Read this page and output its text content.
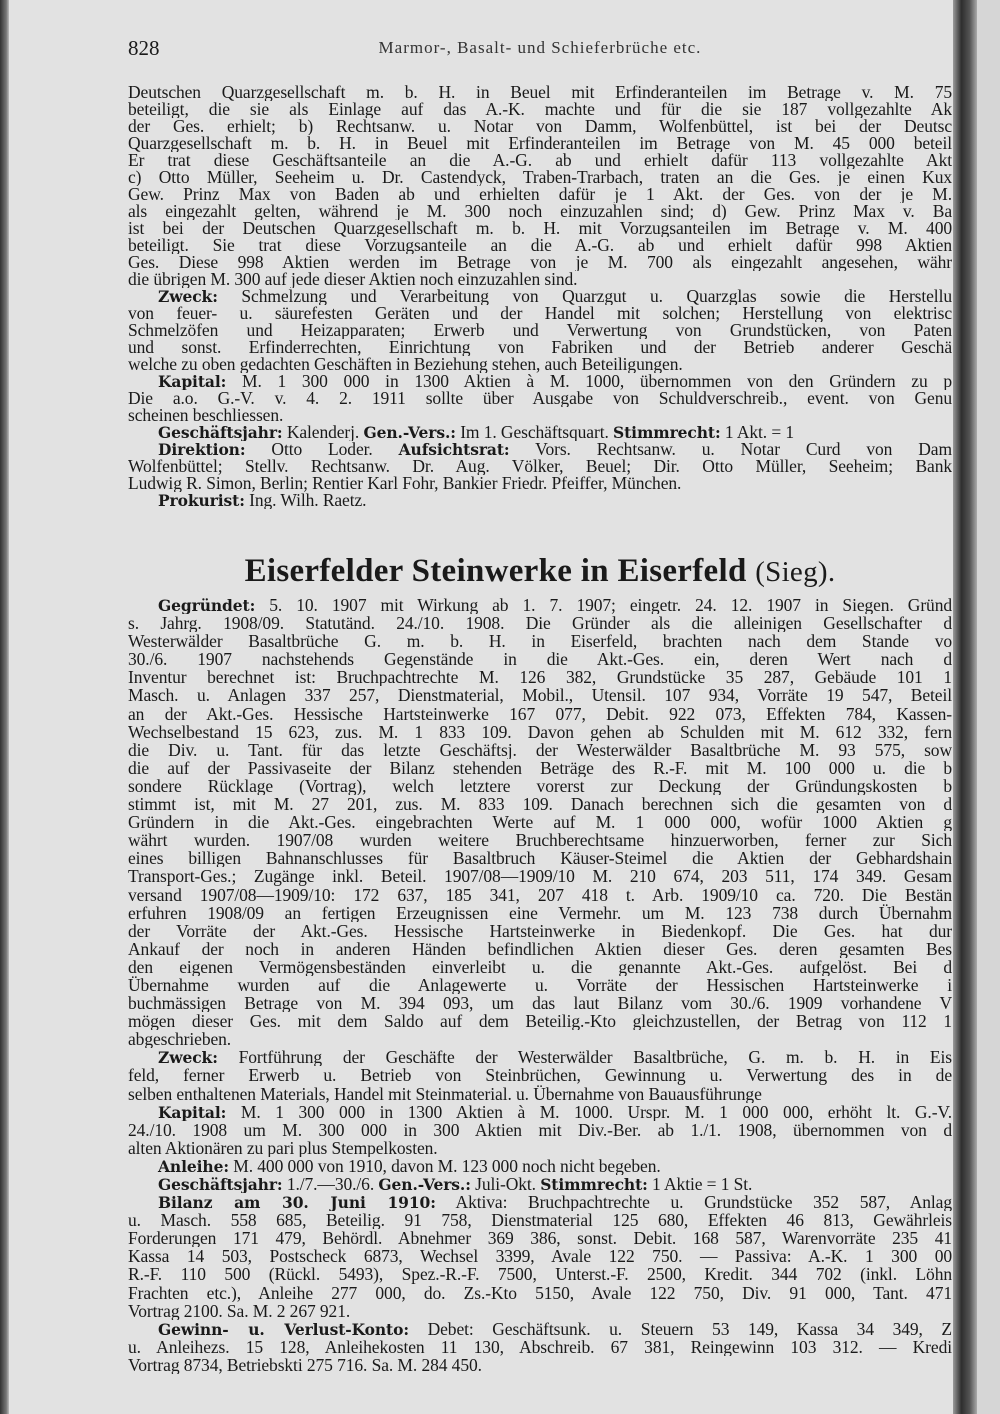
828	Marmor-, Basalt- und Schieferbrüche etc.
Deutschen Quarzgesellschaft m. b. H. in Beuel mit Erfinderanteilen im Betrage v. M. 75
beteiligt, die sie als Einlage auf das A.-K. machte und für die sie 187 vollgezahlte Ak
der Ges. erhielt; b) Rechtsanw. u. Notar von Damm, Wolfenbüttel, ist bei der Deutsc
Quarzgesellschaft m. b. H. in Beuel mit Erfinderanteilen im Betrage von M. 45 000 beteil
Er trat diese Geschäftsanteile an die A.-G. ab und erhielt dafür 113 vollgezahlte Akt
c) Otto Müller, Seeheim u. Dr. Castendyck, Traben-Trarbach, traten an die Ges. je einen Kux
Gew. Prinz Max von Baden ab und erhielten dafür je 1 Akt. der Ges. von der je M.
als eingezahlt gelten, während je M. 300 noch einzuzahlen sind; d) Gew. Prinz Max v. Ba
ist bei der Deutschen Quarzgesellschaft m. b. H. mit Vorzugsanteilen im Betrage v. M. 400
beteiligt. Sie trat diese Vorzugsanteile an die A.-G. ab und erhielt dafür 998 Aktien
Ges. Diese 998 Aktien werden im Betrage von je M. 700 als eingezahlt angesehen, währ
die übrigen M. 300 auf jede dieser Aktien noch einzuzahlen sind.
Zweck: Schmelzung und Verarbeitung von Quarzgut u. Quarzglas sowie die Herstellu
von feuer- u. säurefesten Geräten und der Handel mit solchen; Herstellung von elektrisc
Schmelzöfen und Heizapparaten; Erwerb und Verwertung von Grundstücken, von Paten
und sonst. Erfinderrechten, Einrichtung von Fabriken und der Betrieb anderer Geschä
welche zu oben gedachten Geschäften in Beziehung stehen, auch Beteiligungen.
Kapital: M. 1 300 000 in 1300 Aktien à M. 1000, übernommen von den Gründern zu p
Die a.o. G.-V. v. 4. 2. 1911 sollte über Ausgabe von Schuldverschreib., event. von Genu
scheinen beschliessen.
Geschäftsjahr: Kalenderj. Gen.-Vers.: Im 1. Geschäftsquart. Stimmrecht: 1 Akt. = 1
Direktion: Otto Loder. Aufsichtsrat: Vors. Rechtsanw. u. Notar Curd von Dam
Wolfenbüttel; Stellv. Rechtsanw. Dr. Aug. Völker, Beuel; Dir. Otto Müller, Seeheim; Bank
Ludwig R. Simon, Berlin; Rentier Karl Fohr, Bankier Friedr. Pfeiffer, München.
Prokurist: Ing. Wilh. Raetz.
Eiserfelder Steinwerke in Eiserfeld (Sieg).
Gegründet: 5. 10. 1907 mit Wirkung ab 1. 7. 1907; eingetr. 24. 12. 1907 in Siegen. Gründ
s. Jahrg. 1908/09. Statutänd. 24./10. 1908. Die Gründer als die alleinigen Gesellschafter d
Westerwälder Basaltbrüche G. m. b. H. in Eiserfeld, brachten nach dem Stande vo
30./6. 1907 nachstehends Gegenstände in die Akt.-Ges. ein, deren Wert nach d
Inventur berechnet ist: Bruchpachtrechte M. 126 382, Grundstücke 35 287, Gebäude 101 1
Masch. u. Anlagen 337 257, Dienstmaterial, Mobil., Utensil. 107 934, Vorräte 19 547, Beteil
an der Akt.-Ges. Hessische Hartsteinwerke 167 077, Debit. 922 073, Effekten 784, Kassen-
Wechselbestand 15 623, zus. M. 1 833 109. Davon gehen ab Schulden mit M. 612 332, fern
die Div. u. Tant. für das letzte Geschäftsj. der Westerwälder Basaltbrüche M. 93 575, sow
die auf der Passivaseite der Bilanz stehenden Beträge des R.-F. mit M. 100 000 u. die b
sondere Rücklage (Vortrag), welch letztere vorerst zur Deckung der Gründungskosten b
stimmt ist, mit M. 27 201, zus. M. 833 109. Danach berechnen sich die gesamten von d
Gründern in die Akt.-Ges. eingebrachten Werte auf M. 1 000 000, wofür 1000 Aktien g
währt wurden. 1907/08 wurden weitere Bruchberechtsame hinzuerworben, ferner zur Sich
eines billigen Bahnanschlusses für Basaltbruch Käuser-Steimel die Aktien der Gebhardshain
Transport-Ges.; Zugänge inkl. Beteil. 1907/08—1909/10 M. 210 674, 203 511, 174 349. Gesam
versand 1907/08—1909/10: 172 637, 185 341, 207 418 t. Arb. 1909/10 ca. 720. Die Bestän
erfuhren 1908/09 an fertigen Erzeugnissen eine Vermehr. um M. 123 738 durch Übernahm
der Vorräte der Akt.-Ges. Hessische Hartsteinwerke in Biedenkopf. Die Ges. hat dur
Ankauf der noch in anderen Händen befindlichen Aktien dieser Ges. deren gesamten Bes
den eigenen Vermögensbeständen einverleibt u. die genannte Akt.-Ges. aufgelöst. Bei d
Übernahme wurden auf die Anlagewerte u. Vorräte der Hessischen Hartsteinwerke i
buchmässigen Betrage von M. 394 093, um das laut Bilanz vom 30./6. 1909 vorhandene V
mögen dieser Ges. mit dem Saldo auf dem Beteilig.-Kto gleichzustellen, der Betrag von 112 1
abgeschrieben.
Zweck: Fortführung der Geschäfte der Westerwälder Basaltbrüche, G. m. b. H. in Eis
feld, ferner Erwerb u. Betrieb von Steinbrüchen, Gewinnung u. Verwertung des in de
selben enthaltenen Materials, Handel mit Steinmaterial. u. Übernahme von Bauausführunge
Kapital: M. 1 300 000 in 1300 Aktien à M. 1000. Urspr. M. 1 000 000, erhöht lt. G.-V.
24./10. 1908 um M. 300 000 in 300 Aktien mit Div.-Ber. ab 1./1. 1908, übernommen von d
alten Aktionären zu pari plus Stempelkosten.
Anleihe: M. 400 000 von 1910, davon M. 123 000 noch nicht begeben.
Geschäftsjahr: 1./7.—30./6. Gen.-Vers.: Juli-Okt. Stimmrecht: 1 Aktie = 1 St.
Bilanz am 30. Juni 1910: Aktiva: Bruchpachtrechte u. Grundstücke 352 587, Anlag
u. Masch. 558 685, Beteilig. 91 758, Dienstmaterial 125 680, Effekten 46 813, Gewährleis
Forderungen 171 479, Behördl. Abnehmer 369 386, sonst. Debit. 168 587, Warenvorräte 235 41
Kassa 14 503, Postscheck 6873, Wechsel 3399, Avale 122 750. — Passiva: A.-K. 1 300 00
R.-F. 110 500 (Rückl. 5493), Spez.-R.-F. 7500, Unterst.-F. 2500, Kredit. 344 702 (inkl. Löhn
Frachten etc.), Anleihe 277 000, do. Zs.-Kto 5150, Avale 122 750, Div. 91 000, Tant. 471
Vortrag 2100. Sa. M. 2 267 921.
Gewinn- u. Verlust-Konto: Debet: Geschäftsunk. u. Steuern 53 149, Kassa 34 349, Z
u. Anleihezs. 15 128, Anleihekosten 11 130, Abschreib. 67 381, Reingewinn 103 312. — Kredi
Vortrag 8734, Betriebskti 275 716. Sa. M. 284 450.
